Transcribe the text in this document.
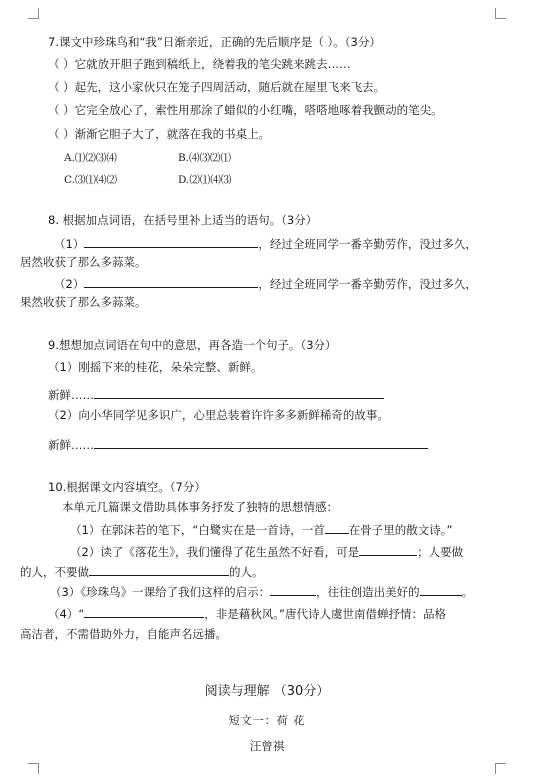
7.课文中珍珠鸟和“我”日渐亲近，正确的先后顺序是（ ）。（3分）
（ ）它就放开胆子跑到稿纸上，绕着我的笔尖跳来跳去……
（ ）起先，这小家伙只在笼子四周活动，随后就在屋里飞来飞去。
（ ）它完全放心了，索性用那涂了蜡似的小红嘴，嗒嗒地啄着我颤动的笔尖。
（ ）渐渐它胆子大了，就落在我的书桌上。
A.⑴⑵⑶⑷	B.⑷⑶⑵⑴
C.⑶⑴⑷⑵	D.⑵⑴⑷⑶
8. 根据加点词语，在括号里补上适当的语句。（3分）
（1）	，经过全班同学一番辛勤劳作，没过多久，
居然收获了那么多蒜菜。
（2）	，经过全班同学一番辛勤劳作，没过多久，
果然收获了那么多蒜菜。
9.想想加点词语在句中的意思，再各造一个句子。（3分）
（1）刚摇下来的桂花，朵朵完整、新鲜。
新鲜……
（2）向小华同学见多识广，心里总装着许许多多新鲜稀奇的故事。
新鲜……
10.根据课文内容填空。（7分）
本单元几篇课文借助具体事务抒发了独特的思想情感：
（1）在郭沫若的笔下，“白鹭实在是一首诗，一首 在骨子里的散文诗。”
（2）读了《落花生》，我们懂得了花生虽然不好看，可是	；人要做
的人，不要做	的人。
（3）《珍珠鸟》一课给了我们这样的启示：	，往往创造出美好的	。
（4）“	，非是藉秋风。”唐代诗人虞世南借蝉抒情：品格
高洁者，不需借助外力，自能声名远播。
阅读与理解 （30分）
短文一：荷 花
汪曾祺
